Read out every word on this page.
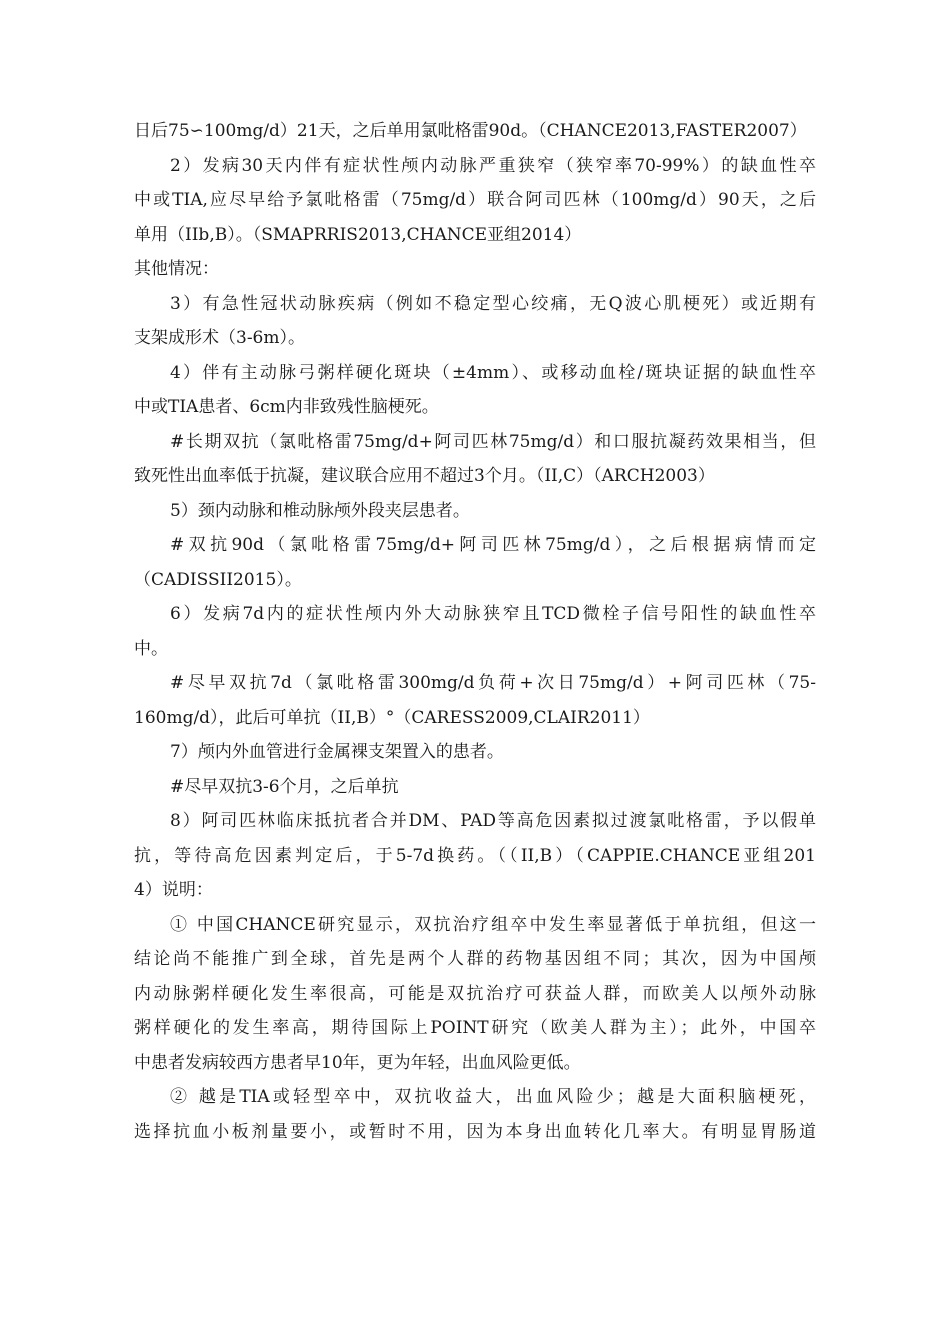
日后75∽100mg/d）21天，之后单用氯吡格雷90d。（CHANCE2013,FASTER2007）
2）发病30天内伴有症状性颅内动脉严重狭窄（狭窄率70-99%）的缺血性卒
中或TIA,应尽早给予氯吡格雷（75mg/d）联合阿司匹林（100mg/d）90天，之后
单用（IIb,B）。（SMAPRRIS2013,CHANCE亚组2014）
其他情况：
3）有急性冠状动脉疾病（例如不稳定型心绞痛，无Q波心肌梗死）或近期有
支架成形术（3-6m）。
4）伴有主动脉弓粥样硬化斑块（±4mm）、或移动血栓/斑块证据的缺血性卒
中或TIA患者、6cm内非致残性脑梗死。
#长期双抗（氯吡格雷75mg/d+阿司匹林75mg/d）和口服抗凝药效果相当，但
致死性出血率低于抗凝，建议联合应用不超过3个月。（II,C）（ARCH2003）
5）颈内动脉和椎动脉颅外段夹层患者。
#双抗90d（氯吡格雷75mg/d+阿司匹林75mg/d），之后根据病情而定
（CADISSII2015）。
6）发病7d内的症状性颅内外大动脉狭窄且TCD微栓子信号阳性的缺血性卒
中。
#尽早双抗7d（氯吡格雷300mg/d负荷+次日75mg/d）+阿司匹林（75-
160mg/d），此后可单抗（II,B）°（CARESS2009,CLAIR2011）
7）颅内外血管进行金属裸支架置入的患者。
#尽早双抗3-6个月，之后单抗
8）阿司匹林临床抵抗者合并DM、PAD等高危因素拟过渡氯吡格雷，予以假单
抗，等待高危因素判定后，于5-7d换药。（（II,B）（CAPPIE.CHANCE亚组201
4）说明：
① 中国CHANCE研究显示，双抗治疗组卒中发生率显著低于单抗组，但这一
结论尚不能推广到全球，首先是两个人群的药物基因组不同；其次，因为中国颅
内动脉粥样硬化发生率很高，可能是双抗治疗可获益人群，而欧美人以颅外动脉
粥样硬化的发生率高，期待国际上POINT研究（欧美人群为主）；此外，中国卒
中患者发病较西方患者早10年，更为年轻，出血风险更低。
② 越是TIA或轻型卒中，双抗收益大，出血风险少；越是大面积脑梗死，
选择抗血小板剂量要小，或暂时不用，因为本身出血转化几率大。有明显胃肠道
